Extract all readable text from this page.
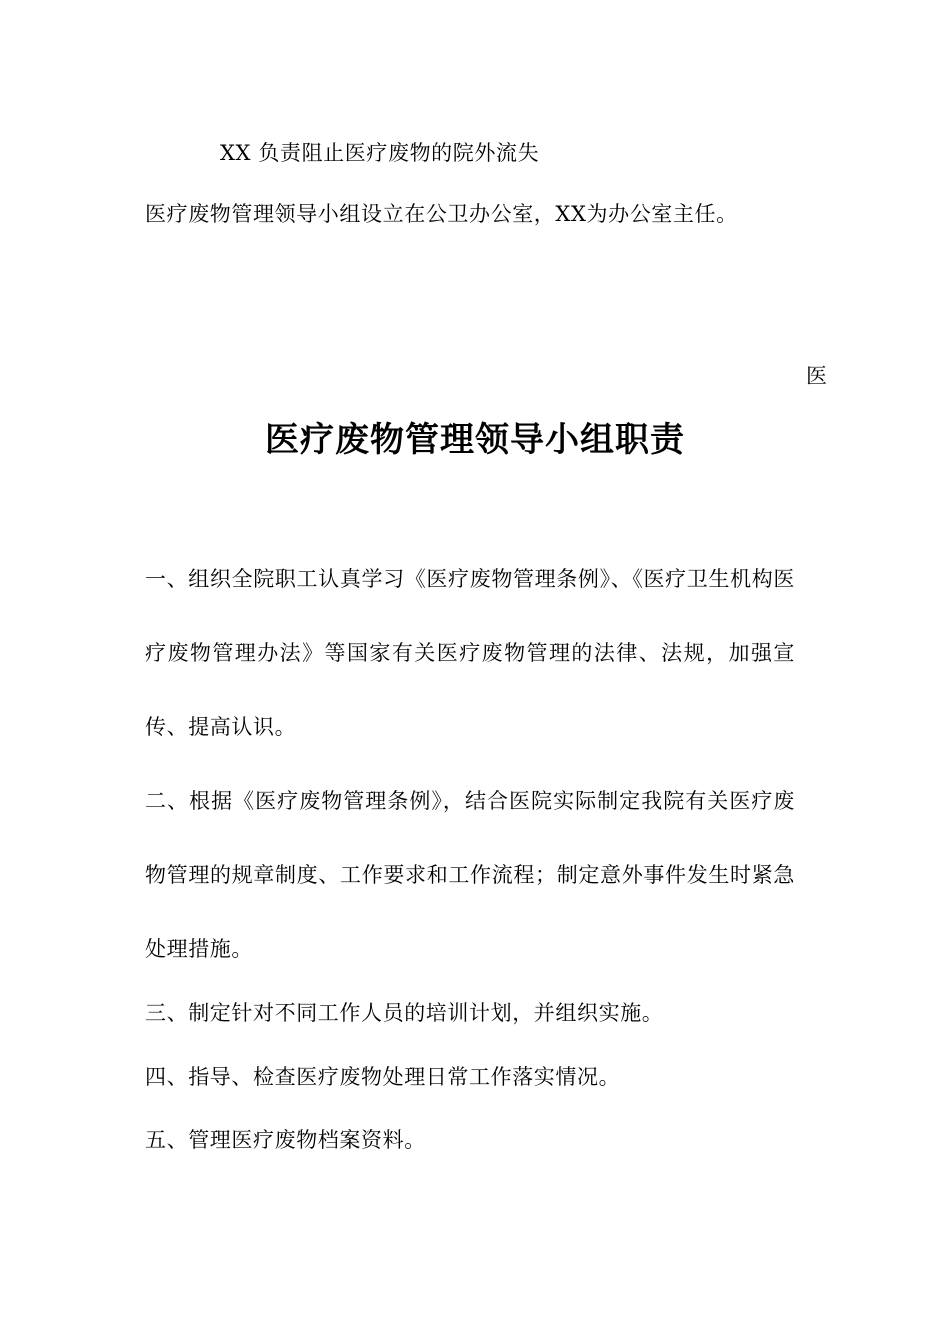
XX 负责阻止医疗废物的院外流失
医疗废物管理领导小组设立在公卫办公室，XX为办公室主任。
医
医疗废物管理领导小组职责
一、组织全院职工认真学习《医疗废物管理条例》、《医疗卫生机构医疗废物管理办法》等国家有关医疗废物管理的法律、法规，加强宣传、提高认识。
二、根据《医疗废物管理条例》，结合医院实际制定我院有关医疗废物管理的规章制度、工作要求和工作流程；制定意外事件发生时紧急处理措施。
三、制定针对不同工作人员的培训计划，并组织实施。
四、指导、检查医疗废物处理日常工作落实情况。
五、管理医疗废物档案资料。
